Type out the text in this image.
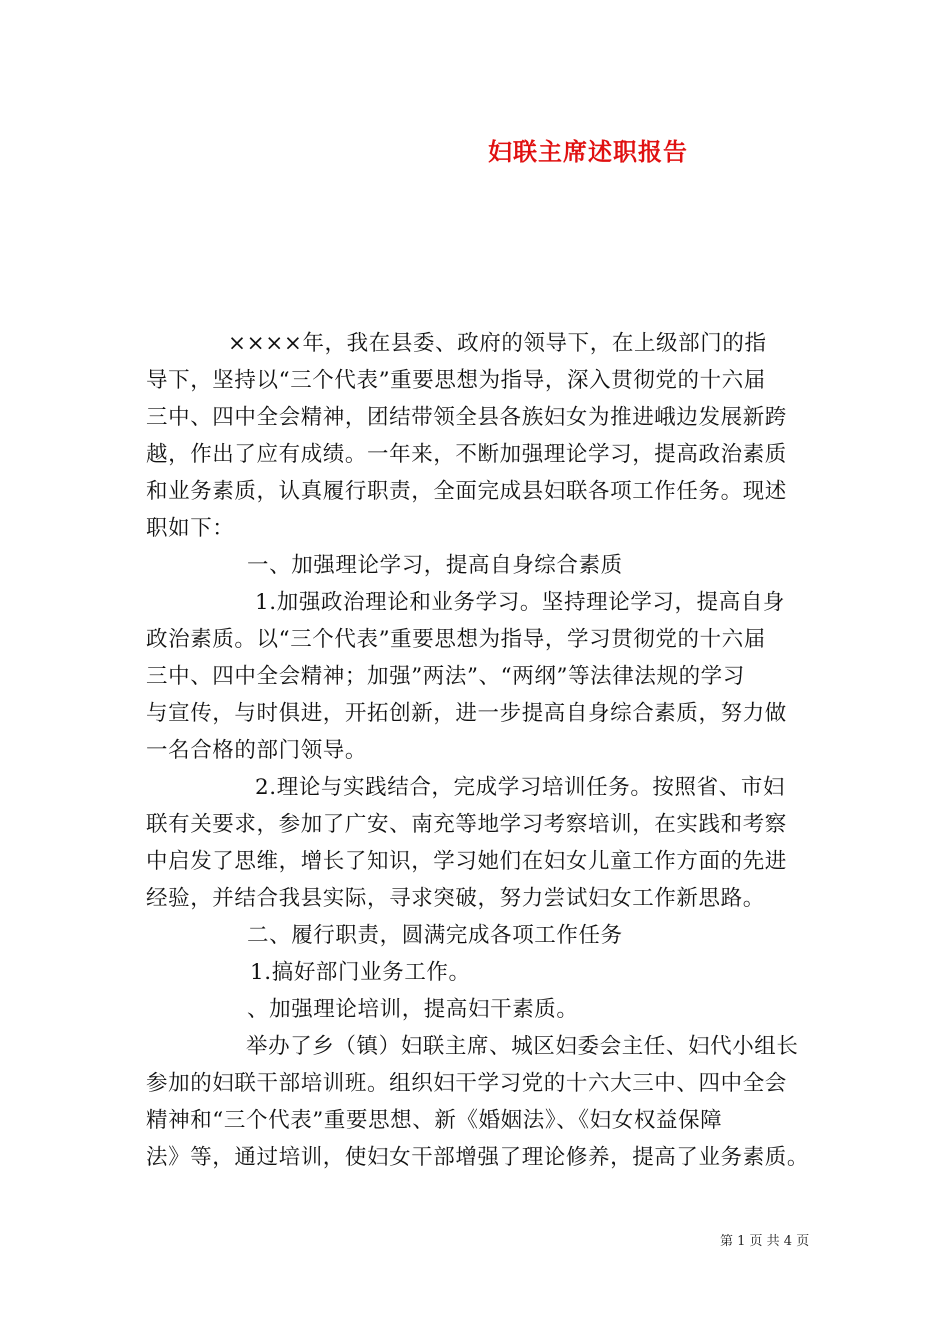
妇联主席述职报告
××××年，我在县委、政府的领导下，在上级部门的指
导下，坚持以“三个代表”重要思想为指导，深入贯彻党的十六届
三中、四中全会精神，团结带领全县各族妇女为推进峨边发展新跨
越，作出了应有成绩。一年来，不断加强理论学习，提高政治素质
和业务素质，认真履行职责，全面完成县妇联各项工作任务。现述
职如下：
一、加强理论学习，提高自身综合素质
1.加强政治理论和业务学习。坚持理论学习，提高自身
政治素质。以“三个代表”重要思想为指导，学习贯彻党的十六届
三中、四中全会精神；加强”两法”、“两纲”等法律法规的学习
与宣传，与时俱进，开拓创新，进一步提高自身综合素质，努力做
一名合格的部门领导。
2.理论与实践结合，完成学习培训任务。按照省、市妇
联有关要求，参加了广安、南充等地学习考察培训，在实践和考察
中启发了思维，增长了知识，学习她们在妇女儿童工作方面的先进
经验，并结合我县实际，寻求突破，努力尝试妇女工作新思路。
二、履行职责，圆满完成各项工作任务
1.搞好部门业务工作。
、加强理论培训，提高妇干素质。
举办了乡（镇）妇联主席、城区妇委会主任、妇代小组长
参加的妇联干部培训班。组织妇干学习党的十六大三中、四中全会
精神和“三个代表”重要思想、新《婚姻法》、《妇女权益保障
法》等，通过培训，使妇女干部增强了理论修养，提高了业务素质。
第 1 页 共 4 页
